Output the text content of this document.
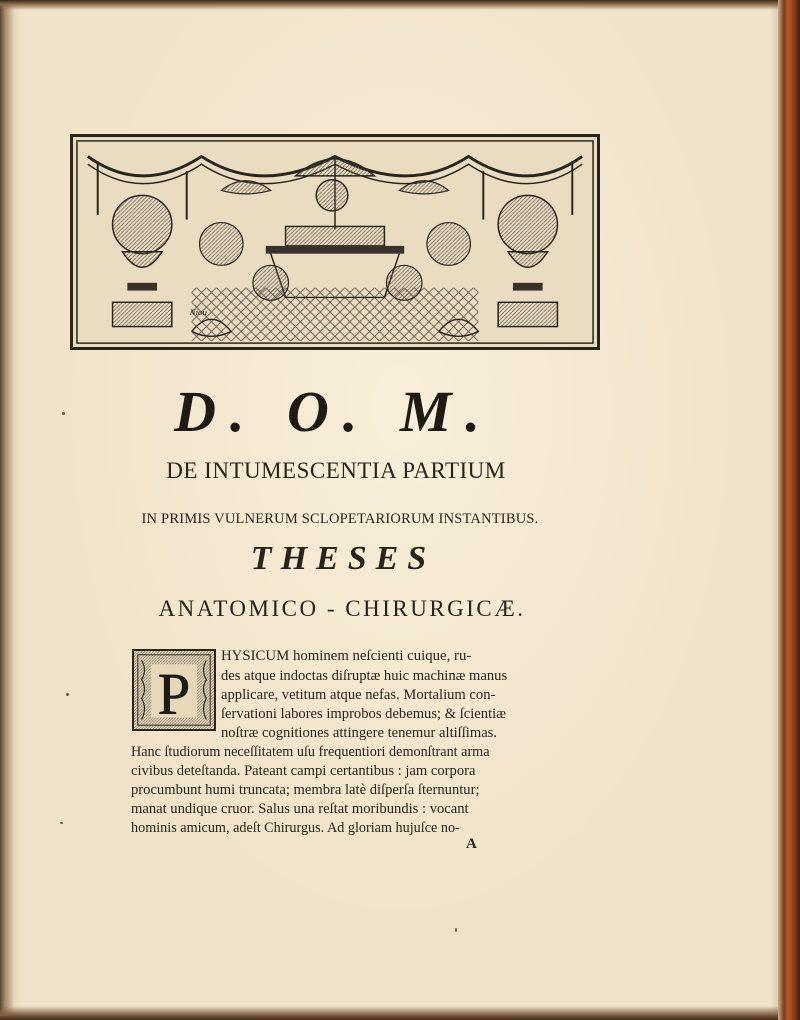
Niou
D. O. M.
DE INTUMESCENTIA PARTIUM
IN PRIMIS VULNERUM SCLOPETARIORUM INSTANTIBUS.
THESES
ANATOMICO - CHIRURGICÆ.
P
HYSICUM hominem neſcienti cuique, ru-
des atque indoctas diſruptæ huic machinæ manus
applicare, vetitum atque nefas. Mortalium con-
ſervationi labores improbos debemus; & ſcientiæ
noſtræ cognitiones attingere tenemur altiſſimas.
Hanc ſtudiorum neceſſitatem uſu frequentiori demonſtrant arma
civibus deteſtanda. Pateant campi certantibus : jam corpora
procumbunt humi truncata; membra latè diſperſa ſternuntur;
manat undique cruor. Salus una reſtat moribundis : vocant
hominis amicum, adeſt Chirurgus. Ad gloriam hujuſce no-
A
